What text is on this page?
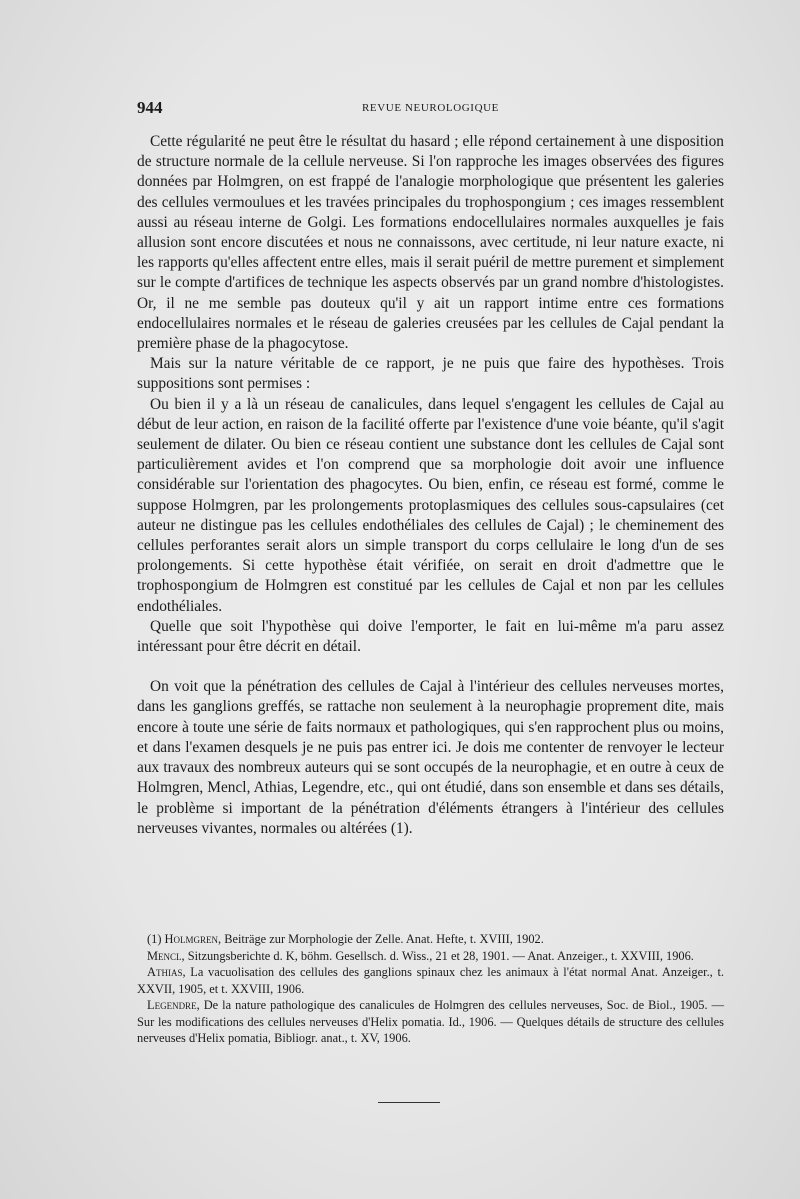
944	REVUE NEUROLOGIQUE

Cette régularité ne peut être le résultat du hasard ; elle répond certainement à une disposition de structure normale de la cellule nerveuse. Si l'on rapproche les images observées des figures données par Holmgren, on est frappé de l'analogie morphologique que présentent les galeries des cellules vermoulues et les travées principales du trophospongium ; ces images ressemblent aussi au réseau interne de Golgi. Les formations endocellulaires normales auxquelles je fais allusion sont encore discutées et nous ne connaissons, avec certitude, ni leur nature exacte, ni les rapports qu'elles affectent entre elles, mais il serait puéril de mettre purement et simplement sur le compte d'artifices de technique les aspects observés par un grand nombre d'histologistes. Or, il ne me semble pas douteux qu'il y ait un rapport intime entre ces formations endocellulaires normales et le réseau de galeries creusées par les cellules de Cajal pendant la première phase de la phagocytose.

Mais sur la nature véritable de ce rapport, je ne puis que faire des hypothèses. Trois suppositions sont permises :

Ou bien il y a là un réseau de canalicules, dans lequel s'engagent les cellules de Cajal au début de leur action, en raison de la facilité offerte par l'existence d'une voie béante, qu'il s'agit seulement de dilater. Ou bien ce réseau contient une substance dont les cellules de Cajal sont particulièrement avides et l'on comprend que sa morphologie doit avoir une influence considérable sur l'orientation des phagocytes. Ou bien, enfin, ce réseau est formé, comme le suppose Holmgren, par les prolongements protoplasmiques des cellules sous-capsulaires (cet auteur ne distingue pas les cellules endothéliales des cellules de Cajal) ; le cheminement des cellules perforantes serait alors un simple transport du corps cellulaire le long d'un de ses prolongements. Si cette hypothèse était vérifiée, on serait en droit d'admettre que le trophospongium de Holmgren est constitué par les cellules de Cajal et non par les cellules endothéliales.

Quelle que soit l'hypothèse qui doive l'emporter, le fait en lui-même m'a paru assez intéressant pour être décrit en détail.

On voit que la pénétration des cellules de Cajal à l'intérieur des cellules nerveuses mortes, dans les ganglions greffés, se rattache non seulement à la neurophagie proprement dite, mais encore à toute une série de faits normaux et pathologiques, qui s'en rapprochent plus ou moins, et dans l'examen desquels je ne puis pas entrer ici. Je dois me contenter de renvoyer le lecteur aux travaux des nombreux auteurs qui se sont occupés de la neurophagie, et en outre à ceux de Holmgren, Mencl, Athias, Legendre, etc., qui ont étudié, dans son ensemble et dans ses détails, le problème si important de la pénétration d'éléments étrangers à l'intérieur des cellules nerveuses vivantes, normales ou altérées (1).

(1) Holmgren, Beiträge zur Morphologie der Zelle. Anat. Hefte, t. XVIII, 1902.

Mencl, Sitzungsberichte d. K, böhm. Gesellsch. d. Wiss., 21 et 28, 1901. — Anat. Anzeiger., t. XXVIII, 1906.

Athias, La vacuolisation des cellules des ganglions spinaux chez les animaux à l'état normal Anat. Anzeiger., t. XXVII, 1905, et t. XXVIII, 1906.

Legendre, De la nature pathologique des canalicules de Holmgren des cellules nerveuses, Soc. de Biol., 1905. — Sur les modifications des cellules nerveuses d'Helix pomatia. Id., 1906. — Quelques détails de structure des cellules nerveuses d'Helix pomatia, Bibliogr. anat., t. XV, 1906.
